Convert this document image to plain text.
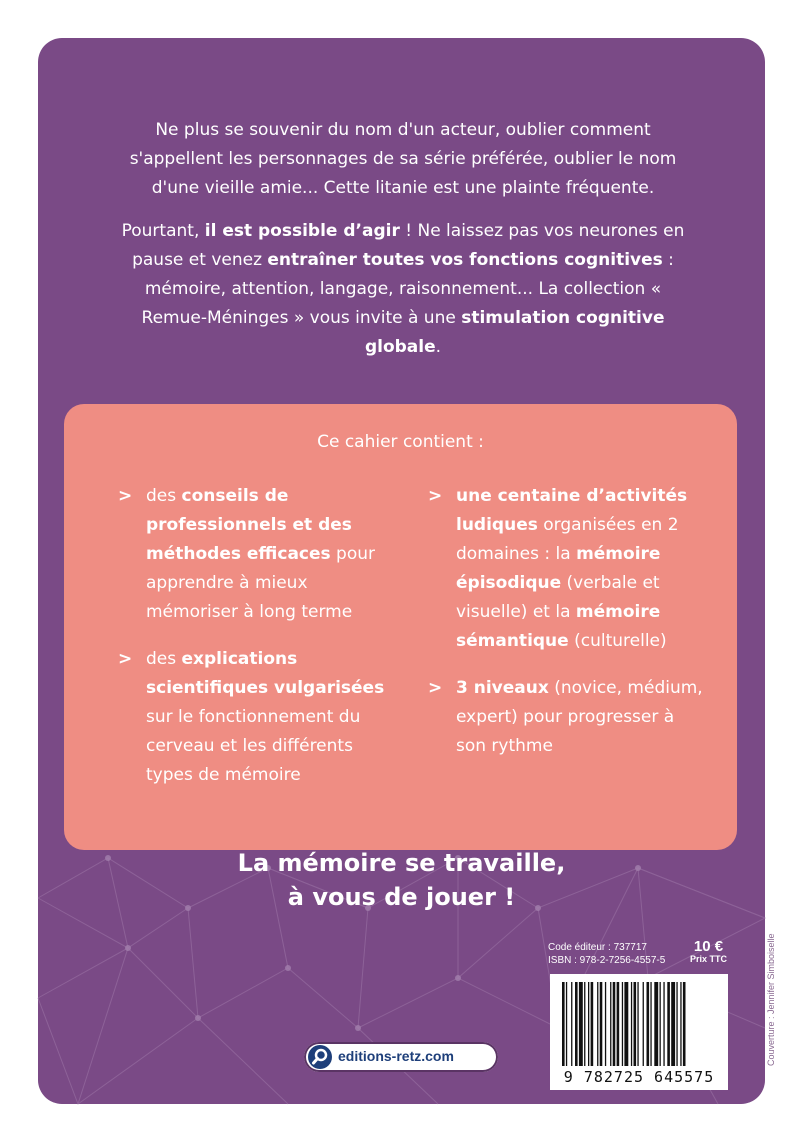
Ne plus se souvenir du nom d'un acteur, oublier comment s'appellent les personnages de sa série préférée, oublier le nom d'une vieille amie... Cette litanie est une plainte fréquente.

Pourtant, il est possible d’agir ! Ne laissez pas vos neurones en pause et venez entraîner toutes vos fonctions cognitives : mémoire, attention, langage, raisonnement... La collection « Remue-Méninges » vous invite à une stimulation cognitive globale.

Ce cahier contient :
> des conseils de professionnels et des méthodes efficaces pour apprendre à mieux mémoriser à long terme
> des explications scientifiques vulgarisées sur le fonctionnement du cerveau et les différents types de mémoire
> une centaine d’activités ludiques organisées en 2 domaines : la mémoire épisodique (verbale et visuelle) et la mémoire sémantique (culturelle)
> 3 niveaux (novice, médium, expert) pour progresser à son rythme
La mémoire se travaille,
à vous de jouer !
Code éditeur : 737717
ISBN : 978-2-7256-4557-5
10 €
Prix TTC
9 782725 645575
editions-retz.com	Couverture : Jennifer Simboiselle
